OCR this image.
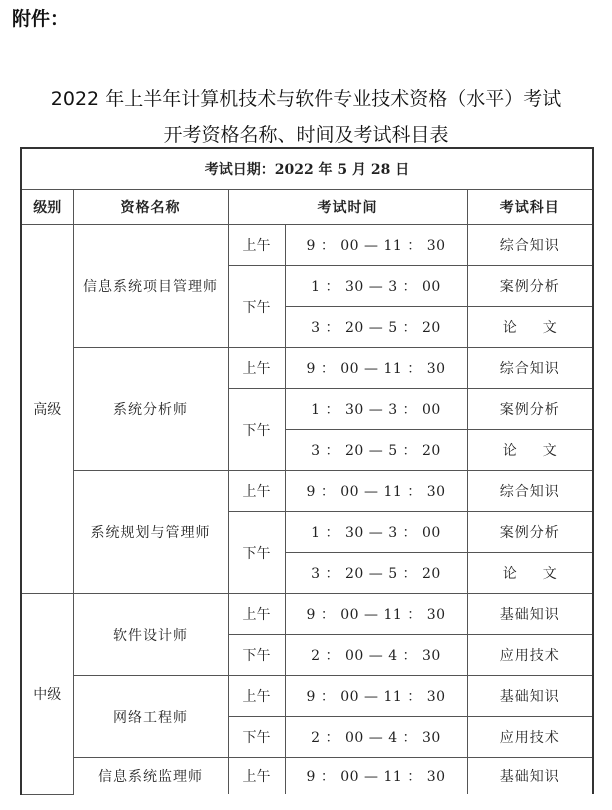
附件：
2022 年上半年计算机技术与软件专业技术资格（水平）考试
开考资格名称、时间及考试科目表
考试日期：2022 年 5 月 28 日				
级别	资格名称	考试时间		考试科目
高级	信息系统项目管理师	上午	9 ： 00 — 11 ： 30	综合知识
		下午	1 ： 30 — 3 ： 00	案例分析
			3 ： 20 — 5 ： 20	论文
	系统分析师	上午	9 ： 00 — 11 ： 30	综合知识
		下午	1 ： 30 — 3 ： 00	案例分析
			3 ： 20 — 5 ： 20	论文
	系统规划与管理师	上午	9 ： 00 — 11 ： 30	综合知识
		下午	1 ： 30 — 3 ： 00	案例分析
			3 ： 20 — 5 ： 20	论文
中级	软件设计师	上午	9 ： 00 — 11 ： 30	基础知识
		下午	2 ： 00 — 4 ： 30	应用技术
	网络工程师	上午	9 ： 00 — 11 ： 30	基础知识
		下午	2 ： 00 — 4 ： 30	应用技术
	信息系统监理师	上午	9 ： 00 — 11 ： 30	基础知识
